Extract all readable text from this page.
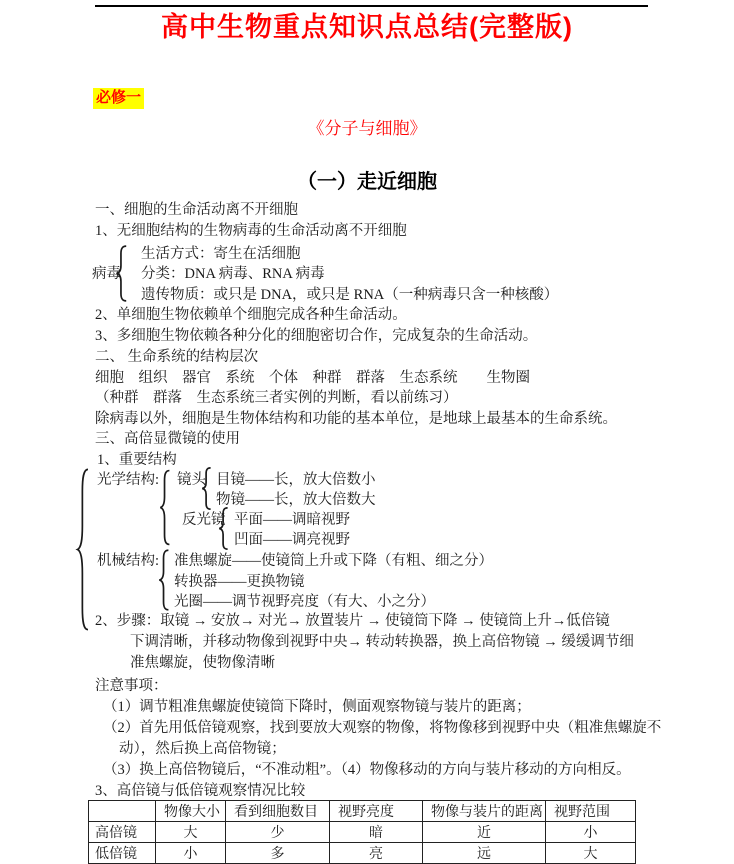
高中生物重点知识点总结(完整版)
必修一
《分子与细胞》
（一）走近细胞
一、细胞的生命活动离不开细胞
1、无细胞结构的生物病毒的生命活动离不开细胞
病毒
生活方式：寄生在活细胞
分类：DNA 病毒、RNA 病毒
遗传物质：或只是 DNA，或只是 RNA（一种病毒只含一种核酸）
2、单细胞生物依赖单个细胞完成各种生命活动。
3、多细胞生物依赖各种分化的细胞密切合作，完成复杂的生命活动。
二、 生命系统的结构层次
细胞　组织　器官　系统　个体　种群　群落　生态系统　　生物圈
（种群　群落　生态系统三者实例的判断，看以前练习）
除病毒以外，细胞是生物体结构和功能的基本单位，是地球上最基本的生命系统。
三、高倍显微镜的使用
1、重要结构
光学结构: 镜头 目镜——长，放大倍数小
物镜——长，放大倍数大
反光镜 平面——调暗视野
凹面——调亮视野
机械结构: 准焦螺旋——使镜筒上升或下降（有粗、细之分）
转换器——更换物镜
光圈——调节视野亮度（有大、小之分）
2、步骤：取镜 → 安放→ 对光→ 放置装片 → 使镜筒下降 → 使镜筒上升→低倍镜
下调清晰，并移动物像到视野中央→ 转动转换器，换上高倍物镜 → 缓缓调节细
准焦螺旋，使物像清晰
注意事项：
（1）调节粗准焦螺旋使镜筒下降时，侧面观察物镜与装片的距离；
（2）首先用低倍镜观察，找到要放大观察的物像，将物像移到视野中央（粗准焦螺旋不
动），然后换上高倍物镜；
（3）换上高倍物镜后，“不准动粗”。（4）物像移动的方向与装片移动的方向相反。
3、高倍镜与低倍镜观察情况比较
	物像大小	看到细胞数目	视野亮度	物像与装片的距离	视野范围
高倍镜	大	少	暗	近	小
低倍镜	小	多	亮	远	大
